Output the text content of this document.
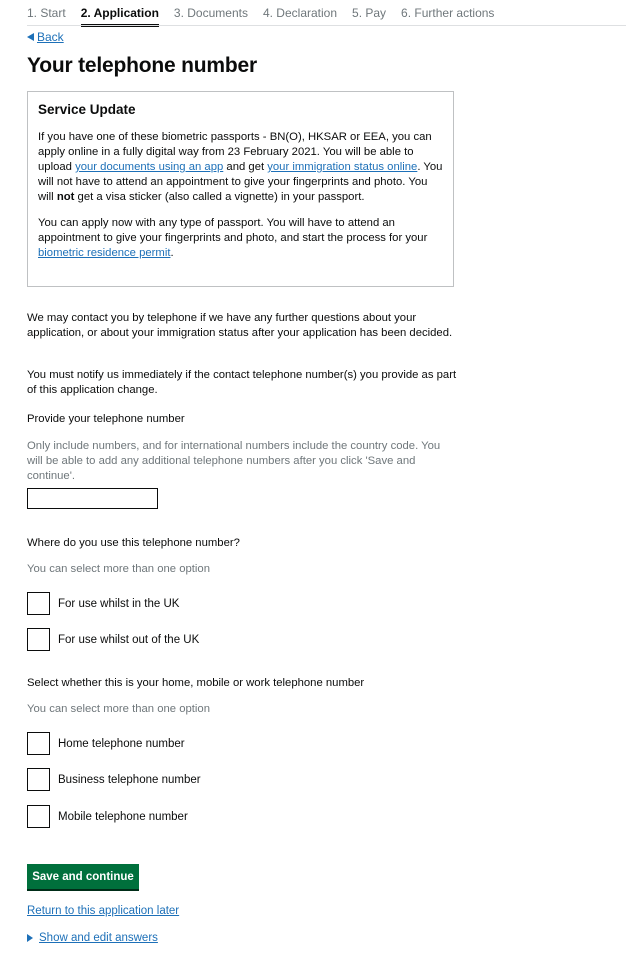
1. Start 2. Application 3. Documents 4. Declaration 5. Pay 6. Further actions
Back
Your telephone number
Service Update

If you have one of these biometric passports - BN(O), HKSAR or EEA, you can apply online in a fully digital way from 23 February 2021. You will be able to upload your documents using an app and get your immigration status online. You will not have to attend an appointment to give your fingerprints and photo. You will not get a visa sticker (also called a vignette) in your passport.

You can apply now with any type of passport. You will have to attend an appointment to give your fingerprints and photo, and start the process for your biometric residence permit.

We may contact you by telephone if we have any further questions about your application, or about your immigration status after your application has been decided.

You must notify us immediately if the contact telephone number(s) you provide as part of this application change.

Provide your telephone number

Only include numbers, and for international numbers include the country code. You will be able to add any additional telephone numbers after you click 'Save and continue'.

Where do you use this telephone number?

You can select more than one option

For use whilst in the UK
For use whilst out of the UK

Select whether this is your home, mobile or work telephone number

You can select more than one option

Home telephone number
Business telephone number
Mobile telephone number
Save and continue
Return to this application later
Show and edit answers
